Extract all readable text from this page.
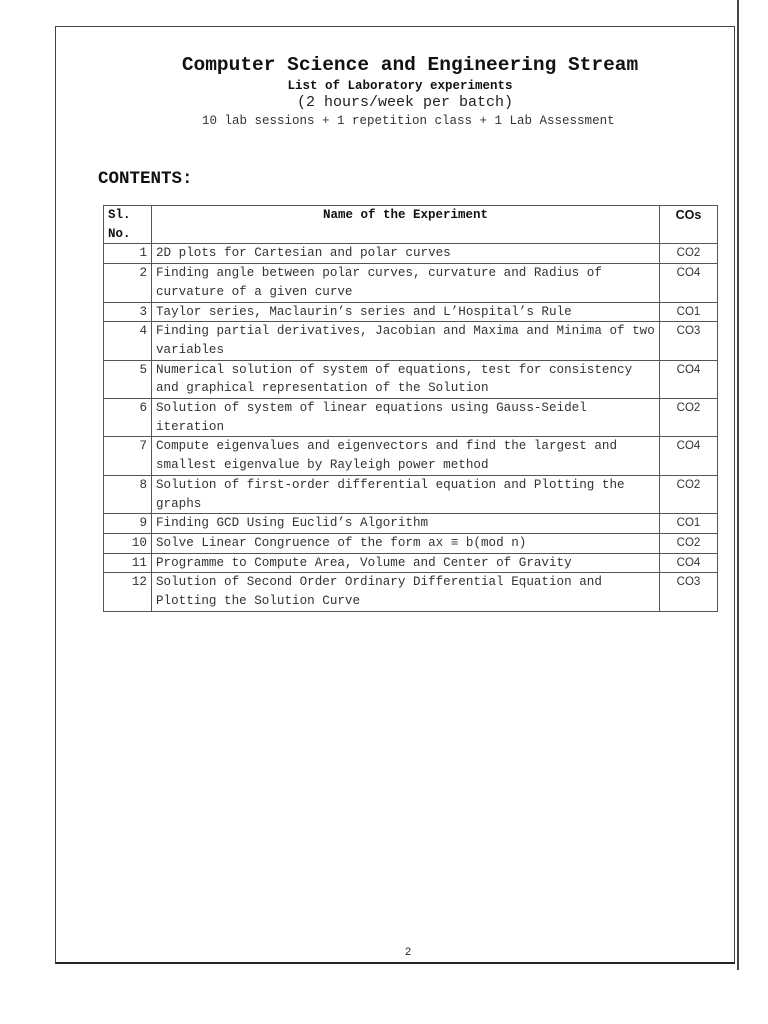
Computer Science and Engineering Stream
List of Laboratory experiments
(2 hours/week per batch)
10 lab sessions + 1 repetition class + 1 Lab Assessment
CONTENTS:
Sl. No.	Name of the Experiment	COs
1	2D plots for Cartesian and polar curves	CO2
2	Finding angle between polar curves, curvature and Radius of curvature of a given curve	CO4
3	Taylor series, Maclaurin’s series and L’Hospital’s Rule	CO1
4	Finding partial derivatives, Jacobian and Maxima and Minima of two variables	CO3
5	Numerical solution of system of equations, test for consistency and graphical representation of the Solution	CO4
6	Solution of system of linear equations using Gauss-Seidel iteration	CO2
7	Compute eigenvalues and eigenvectors and find the largest and smallest eigenvalue by Rayleigh power method	CO4
8	Solution of first-order differential equation and Plotting the graphs	CO2
9	Finding GCD Using Euclid’s Algorithm	CO1
10	Solve Linear Congruence of the form ax ≡ b(mod n)	CO2
11	Programme to Compute Area, Volume and Center of Gravity	CO4
12	Solution of Second Order Ordinary Differential Equation and Plotting the Solution Curve	CO3
2
